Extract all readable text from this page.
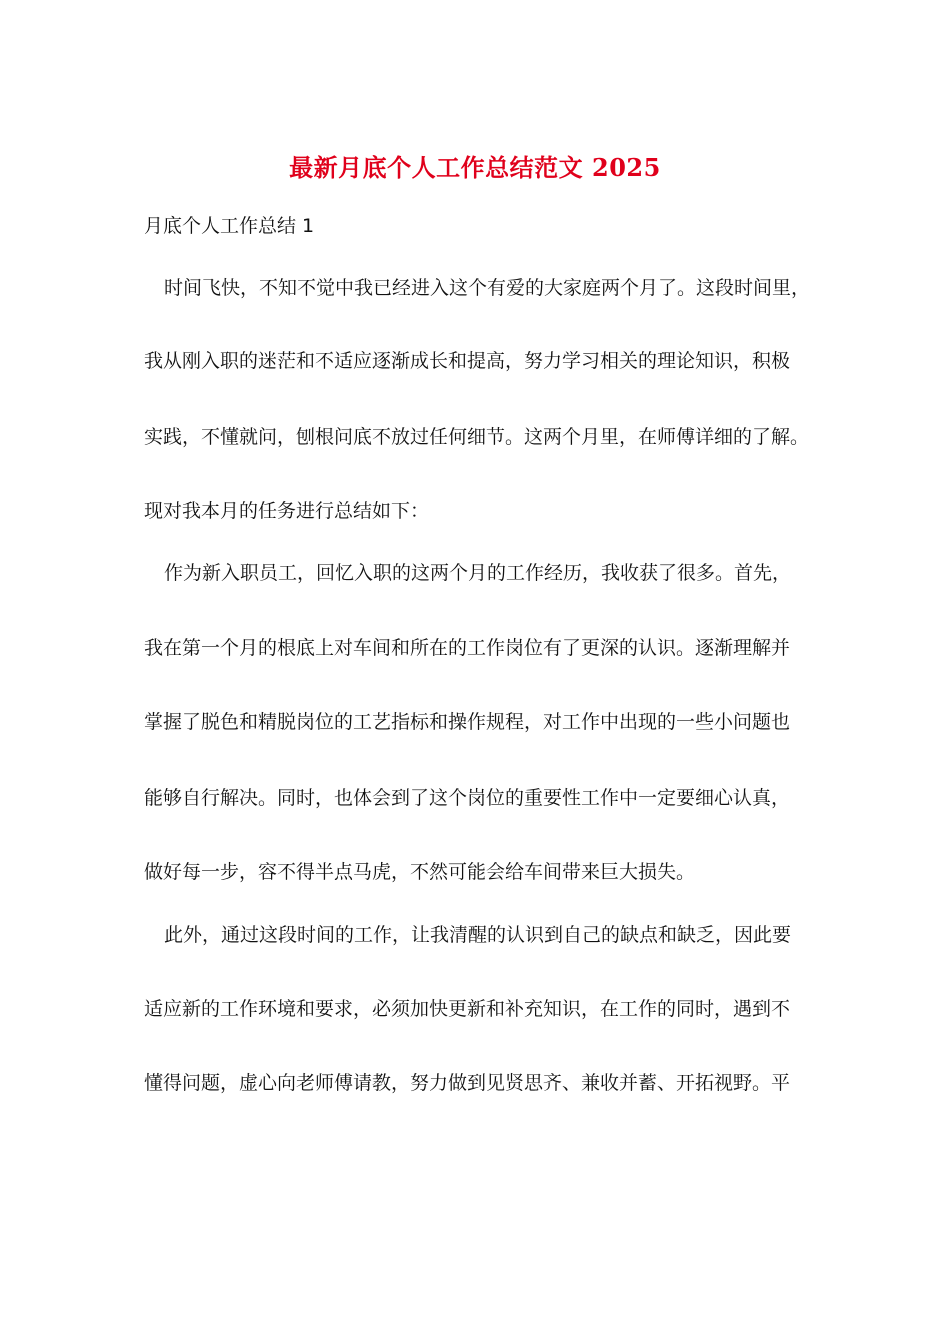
最新月底个人工作总结范文 2025
月底个人工作总结 1
时间飞快，不知不觉中我已经进入这个有爱的大家庭两个月了。这段时间里，
我从刚入职的迷茫和不适应逐渐成长和提高，努力学习相关的理论知识，积极
实践，不懂就问，刨根问底不放过任何细节。这两个月里，在师傅详细的了解。
现对我本月的任务进行总结如下：
作为新入职员工，回忆入职的这两个月的工作经历，我收获了很多。首先，
我在第一个月的根底上对车间和所在的工作岗位有了更深的认识。逐渐理解并
掌握了脱色和精脱岗位的工艺指标和操作规程，对工作中出现的一些小问题也
能够自行解决。同时，也体会到了这个岗位的重要性工作中一定要细心认真，
做好每一步，容不得半点马虎，不然可能会给车间带来巨大损失。
此外，通过这段时间的工作，让我清醒的认识到自己的缺点和缺乏，因此要
适应新的工作环境和要求，必须加快更新和补充知识，在工作的同时，遇到不
懂得问题，虚心向老师傅请教，努力做到见贤思齐、兼收并蓄、开拓视野。平
